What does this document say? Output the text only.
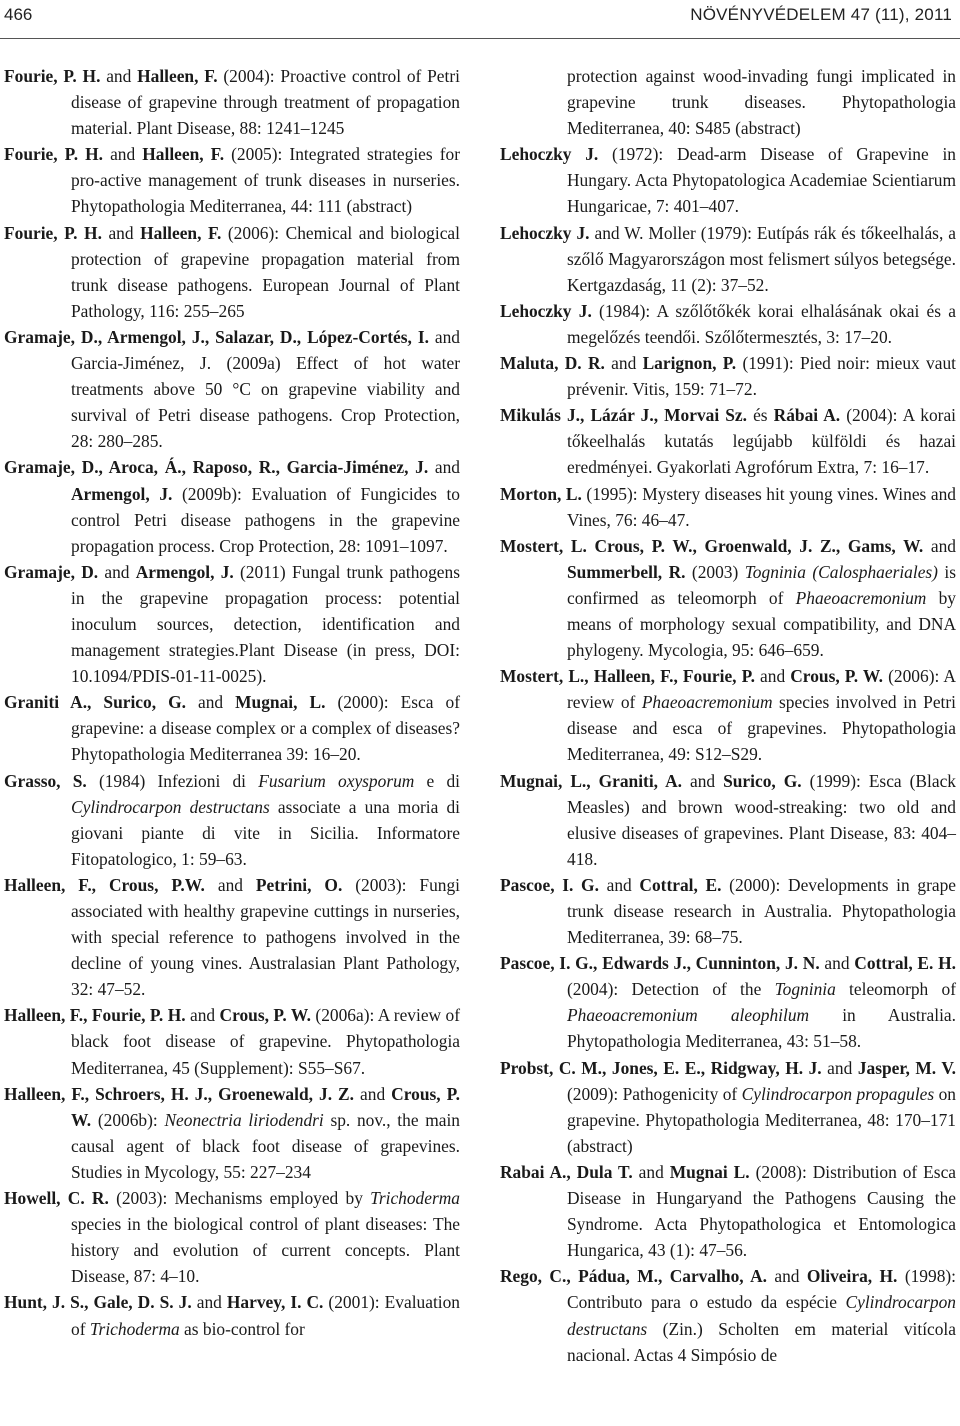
466	NÖVÉNYVÉDELEM 47 (11), 2011

Fourie, P. H. and Halleen, F. (2004): Proactive control of Petri disease of grapevine through treatment of propagation material. Plant Disease, 88: 1241–1245

Fourie, P. H. and Halleen, F. (2005): Integrated strategies for pro-active management of trunk diseases in nurseries. Phytopathologia Mediterranea, 44: 111 (abstract)

Fourie, P. H. and Halleen, F. (2006): Chemical and biological protection of grapevine propagation material from trunk disease pathogens. European Journal of Plant Pathology, 116: 255–265

Gramaje, D., Armengol, J., Salazar, D., López-Cortés, I. and Garcia-Jiménez, J. (2009a) Effect of hot water treatments above 50 °C on grapevine viability and survival of Petri disease pathogens. Crop Protection, 28: 280–285.

Gramaje, D., Aroca, Á., Raposo, R., Garcia-Jiménez, J. and Armengol, J. (2009b): Evaluation of Fungicides to control Petri disease pathogens in the grapevine propagation process. Crop Protection, 28: 1091–1097.

Gramaje, D. and Armengol, J. (2011) Fungal trunk pathogens in the grapevine propagation process: potential inoculum sources, detection, identification and management strategies.Plant Disease (in press, DOI: 10.1094/PDIS-01-11-0025).

Graniti A., Surico, G. and Mugnai, L. (2000): Esca of grapevine: a disease complex or a complex of diseases? Phytopathologia Mediterranea 39: 16–20.

Grasso, S. (1984) Infezioni di Fusarium oxysporum e di Cylindrocarpon destructans associate a una moria di giovani piante di vite in Sicilia. Informatore Fitopatologico, 1: 59–63.

Halleen, F., Crous, P.W. and Petrini, O. (2003): Fungi associated with healthy grapevine cuttings in nurseries, with special reference to pathogens involved in the decline of young vines. Australasian Plant Pathology, 32: 47–52.

Halleen, F., Fourie, P. H. and Crous, P. W. (2006a): A review of black foot disease of grapevine. Phytopathologia Mediterranea, 45 (Supplement): S55–S67.

Halleen, F., Schroers, H. J., Groenewald, J. Z. and Crous, P. W. (2006b): Neonectria liriodendri sp. nov., the main causal agent of black foot disease of grapevines. Studies in Mycology, 55: 227–234

Howell, C. R. (2003): Mechanisms employed by Trichoderma species in the biological control of plant diseases: The history and evolution of current concepts. Plant Disease, 87: 4–10.

Hunt, J. S., Gale, D. S. J. and Harvey, I. C. (2001): Evaluation of Trichoderma as bio-control for

protection against wood-invading fungi implicated in grapevine trunk diseases. Phytopathologia Mediterranea, 40: S485 (abstract)

Lehoczky J. (1972): Dead-arm Disease of Grapevine in Hungary. Acta Phytopatologica Academiae Scientiarum Hungaricae, 7: 401–407.

Lehoczky J. and W. Moller (1979): Eutípás rák és tőkeelhalás, a szőlő Magyarországon most felismert súlyos betegsége. Kertgazdaság, 11 (2): 37–52.

Lehoczky J. (1984): A szőlőtőkék korai elhalásának okai és a megelőzés teendői. Szőlőtermesztés, 3: 17–20.

Maluta, D. R. and Larignon, P. (1991): Pied noir: mieux vaut prévenir. Vitis, 159: 71–72.

Mikulás J., Lázár J., Morvai Sz. és Rábai A. (2004): A korai tőkeelhalás kutatás legújabb külföldi és hazai eredményei. Gyakorlati Agrofórum Extra, 7: 16–17.

Morton, L. (1995): Mystery diseases hit young vines. Wines and Vines, 76: 46–47.

Mostert, L. Crous, P. W., Groenwald, J. Z., Gams, W. and Summerbell, R. (2003) Togninia (Calosphaeriales) is confirmed as teleomorph of Phaeoacremonium by means of morphology sexual compatibility, and DNA phylogeny. Mycologia, 95: 646–659.

Mostert, L., Halleen, F., Fourie, P. and Crous, P. W. (2006): A review of Phaeoacremonium species involved in Petri disease and esca of grapevines. Phytopathologia Mediterranea, 49: S12–S29.

Mugnai, L., Graniti, A. and Surico, G. (1999): Esca (Black Measles) and brown wood-streaking: two old and elusive diseases of grapevines. Plant Disease, 83: 404–418.

Pascoe, I. G. and Cottral, E. (2000): Developments in grape trunk disease research in Australia. Phytopathologia Mediterranea, 39: 68–75.

Pascoe, I. G., Edwards J., Cunninton, J. N. and Cottral, E. H. (2004): Detection of the Togninia teleomorph of Phaeoacremonium aleophilum in Australia. Phytopathologia Mediterranea, 43: 51–58.

Probst, C. M., Jones, E. E., Ridgway, H. J. and Jasper, M. V. (2009): Pathogenicity of Cylindrocarpon propagules on grapevine. Phytopathologia Mediterranea, 48: 170–171 (abstract)

Rabai A., Dula T. and Mugnai L. (2008): Distribution of Esca Disease in Hungaryand the Pathogens Causing the Syndrome. Acta Phytopathologica et Entomologica Hungarica, 43 (1): 47–56.

Rego, C., Pádua, M., Carvalho, A. and Oliveira, H. (1998): Contributo para o estudo da espécie Cylindrocarpon destructans (Zin.) Scholten em material vitícola nacional. Actas 4 Simpósio de
